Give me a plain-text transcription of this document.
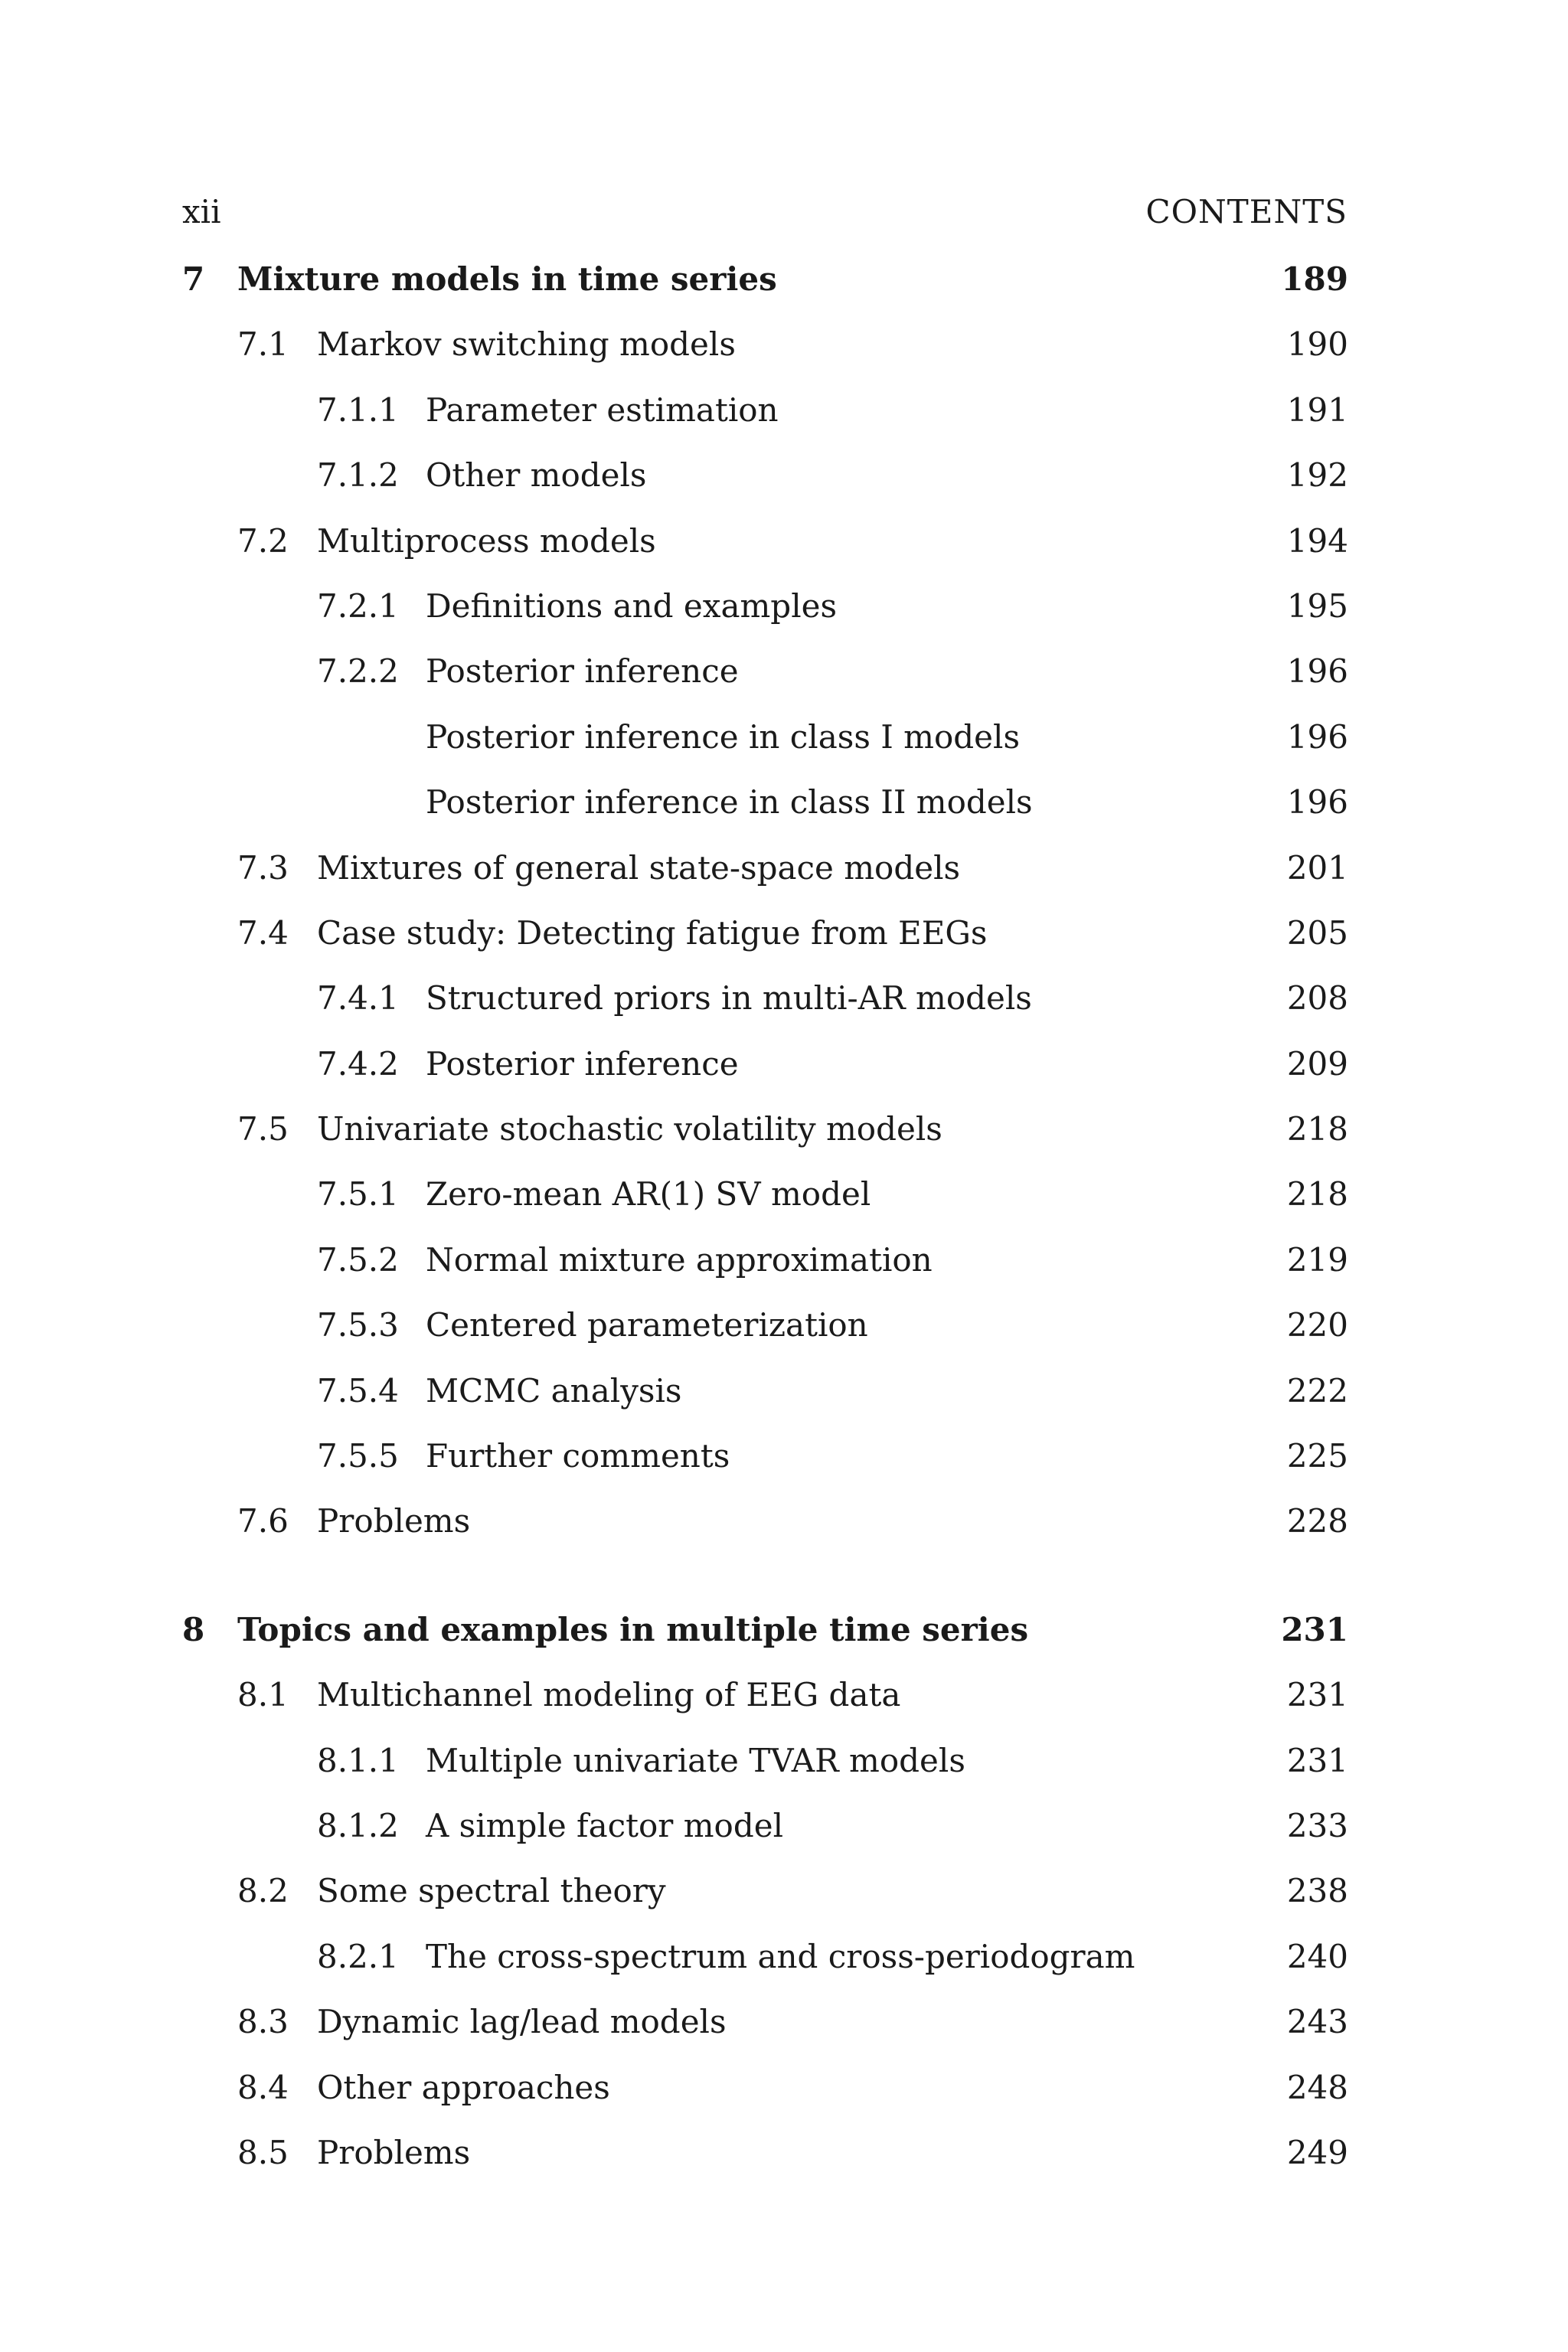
xii	CONTENTS
7 Mixture models in time series	189
7.1 Markov switching models	190
7.1.1 Parameter estimation	191
7.1.2 Other models	192
7.2 Multiprocess models	194
7.2.1 Definitions and examples	195
7.2.2 Posterior inference	196
Posterior inference in class I models	196
Posterior inference in class II models	196
7.3 Mixtures of general state-space models	201
7.4 Case study: Detecting fatigue from EEGs	205
7.4.1 Structured priors in multi-AR models	208
7.4.2 Posterior inference	209
7.5 Univariate stochastic volatility models	218
7.5.1 Zero-mean AR(1) SV model	218
7.5.2 Normal mixture approximation	219
7.5.3 Centered parameterization	220
7.5.4 MCMC analysis	222
7.5.5 Further comments	225
7.6 Problems	228
8 Topics and examples in multiple time series	231
8.1 Multichannel modeling of EEG data	231
8.1.1 Multiple univariate TVAR models	231
8.1.2 A simple factor model	233
8.2 Some spectral theory	238
8.2.1 The cross-spectrum and cross-periodogram	240
8.3 Dynamic lag/lead models	243
8.4 Other approaches	248
8.5 Problems	249
